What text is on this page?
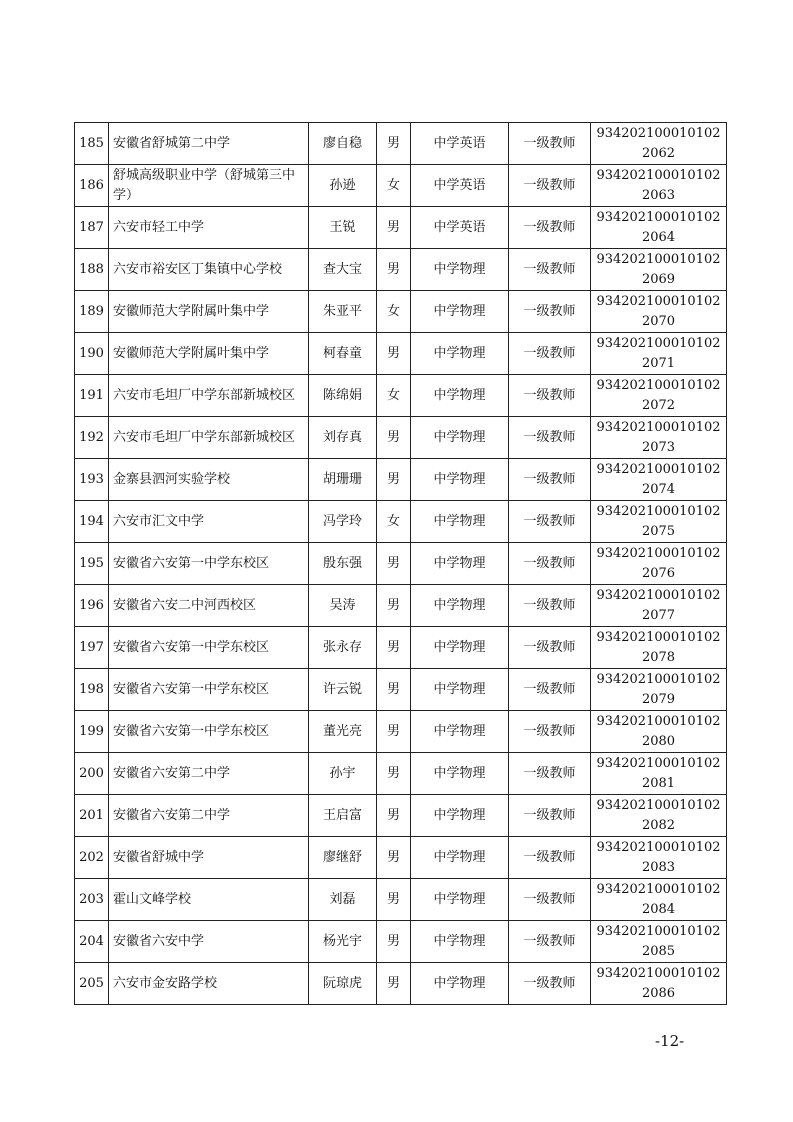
185	安徽省舒城第二中学	廖自稳	男	中学英语	一级教师	9342021000101022062
186	舒城高级职业中学（舒城第三中学）	孙逊	女	中学英语	一级教师	9342021000101022063
187	六安市轻工中学	王锐	男	中学英语	一级教师	9342021000101022064
188	六安市裕安区丁集镇中心学校	查大宝	男	中学物理	一级教师	9342021000101022069
189	安徽师范大学附属叶集中学	朱亚平	女	中学物理	一级教师	9342021000101022070
190	安徽师范大学附属叶集中学	柯春童	男	中学物理	一级教师	9342021000101022071
191	六安市毛坦厂中学东部新城校区	陈绵娟	女	中学物理	一级教师	9342021000101022072
192	六安市毛坦厂中学东部新城校区	刘存真	男	中学物理	一级教师	9342021000101022073
193	金寨县泗河实验学校	胡珊珊	男	中学物理	一级教师	9342021000101022074
194	六安市汇文中学	冯学玲	女	中学物理	一级教师	9342021000101022075
195	安徽省六安第一中学东校区	殷东强	男	中学物理	一级教师	9342021000101022076
196	安徽省六安二中河西校区	吴涛	男	中学物理	一级教师	9342021000101022077
197	安徽省六安第一中学东校区	张永存	男	中学物理	一级教师	9342021000101022078
198	安徽省六安第一中学东校区	许云锐	男	中学物理	一级教师	9342021000101022079
199	安徽省六安第一中学东校区	董光亮	男	中学物理	一级教师	9342021000101022080
200	安徽省六安第二中学	孙宇	男	中学物理	一级教师	9342021000101022081
201	安徽省六安第二中学	王启富	男	中学物理	一级教师	9342021000101022082
202	安徽省舒城中学	廖继舒	男	中学物理	一级教师	9342021000101022083
203	霍山文峰学校	刘磊	男	中学物理	一级教师	9342021000101022084
204	安徽省六安中学	杨光宇	男	中学物理	一级教师	9342021000101022085
205	六安市金安路学校	阮琼虎	男	中学物理	一级教师	9342021000101022086
-12-
